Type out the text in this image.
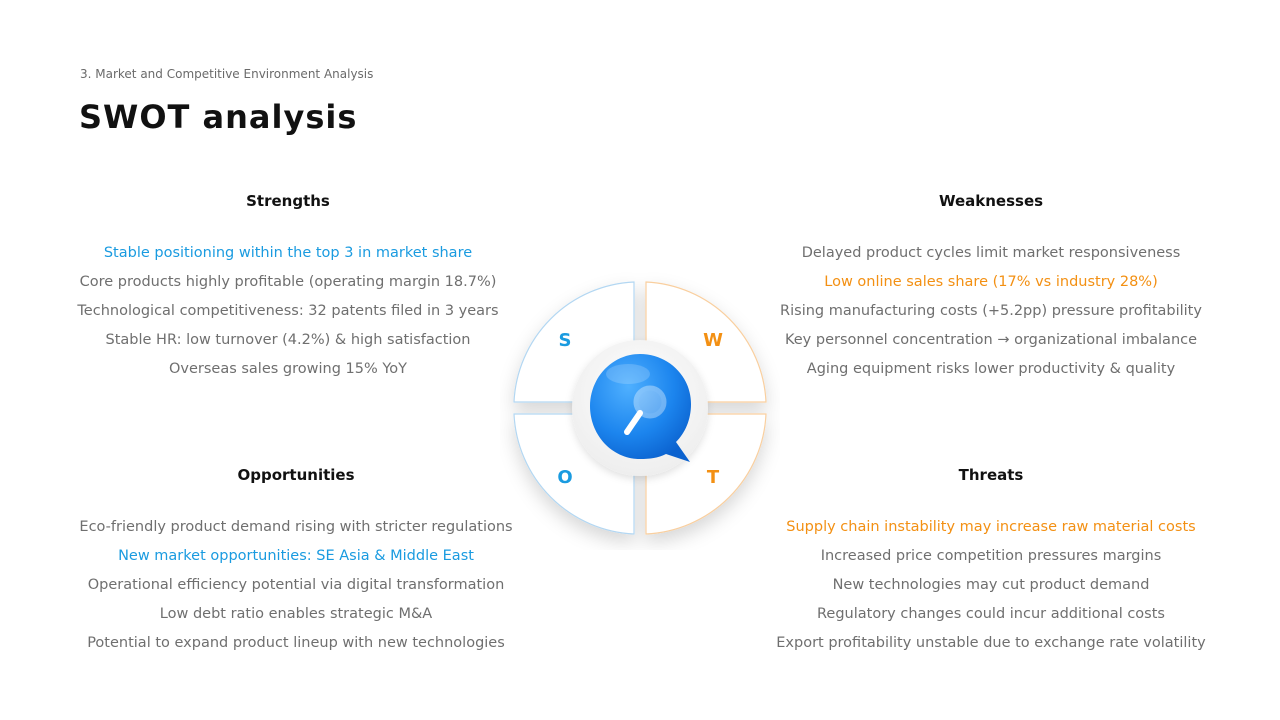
3. Market and Competitive Environment Analysis
SWOT analysis
Strengths
Stable positioning within the top 3 in market share
Core products highly profitable (operating margin 18.7%)
Technological competitiveness: 32 patents filed in 3 years
Stable HR: low turnover (4.2%) & high satisfaction
Overseas sales growing 15% YoY
Weaknesses
Delayed product cycles limit market responsiveness
Low online sales share (17% vs industry 28%)
Rising manufacturing costs (+5.2pp) pressure profitability
Key personnel concentration → organizational imbalance
Aging equipment risks lower productivity & quality
Opportunities
Eco-friendly product demand rising with stricter regulations
New market opportunities: SE Asia & Middle East
Operational efficiency potential via digital transformation
Low debt ratio enables strategic M&A
Potential to expand product lineup with new technologies
Threats
Supply chain instability may increase raw material costs
Increased price competition pressures margins
New technologies may cut product demand
Regulatory changes could incur additional costs
Export profitability unstable due to exchange rate volatility
S	W
O	T
